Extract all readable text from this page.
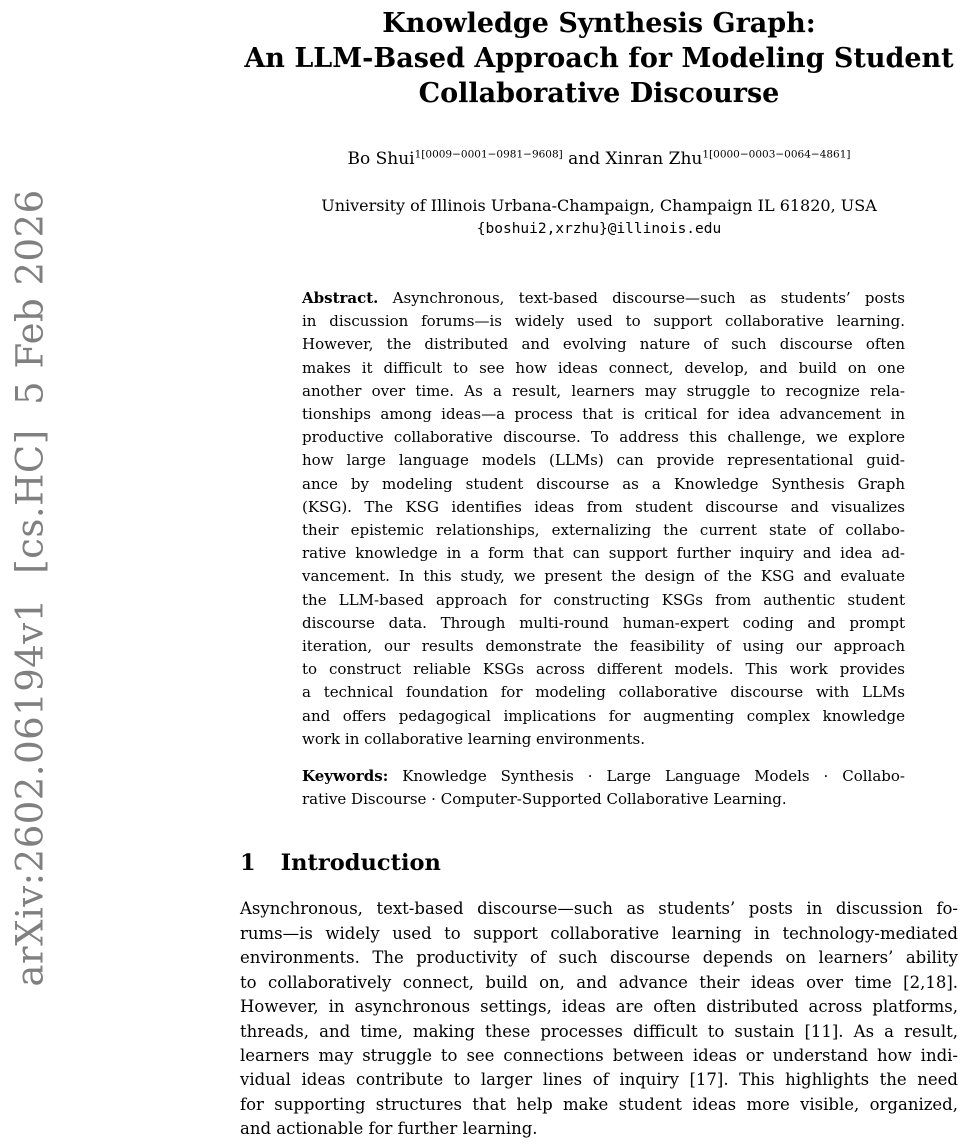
arXiv:2602.06194v1  [cs.HC]  5 Feb 2026
Knowledge Synthesis Graph:
An LLM-Based Approach for Modeling Student
Collaborative Discourse
Bo Shui$^{1[0009-0001-0981-9608]}$ and Xinran Zhu$^{1[0000-0003-0064-4861]}$
University of Illinois Urbana-Champaign, Champaign IL 61820, USA
{boshui2,xrzhu}@illinois.edu
Abstract. Asynchronous, text-based discourse—such as students’ posts
in discussion forums—is widely used to support collaborative learning.
However, the distributed and evolving nature of such discourse often
makes it difficult to see how ideas connect, develop, and build on one
another over time. As a result, learners may struggle to recognize rela-
tionships among ideas—a process that is critical for idea advancement in
productive collaborative discourse. To address this challenge, we explore
how large language models (LLMs) can provide representational guid-
ance by modeling student discourse as a Knowledge Synthesis Graph
(KSG). The KSG identifies ideas from student discourse and visualizes
their epistemic relationships, externalizing the current state of collabo-
rative knowledge in a form that can support further inquiry and idea ad-
vancement. In this study, we present the design of the KSG and evaluate
the LLM-based approach for constructing KSGs from authentic student
discourse data. Through multi-round human-expert coding and prompt
iteration, our results demonstrate the feasibility of using our approach
to construct reliable KSGs across different models. This work provides
a technical foundation for modeling collaborative discourse with LLMs
and offers pedagogical implications for augmenting complex knowledge
work in collaborative learning environments.
Keywords: Knowledge Synthesis · Large Language Models · Collabo-
rative Discourse · Computer-Supported Collaborative Learning.
1 Introduction
Asynchronous, text-based discourse—such as students’ posts in discussion fo-
rums—is widely used to support collaborative learning in technology-mediated
environments. The productivity of such discourse depends on learners’ ability
to collaboratively connect, build on, and advance their ideas over time [2,18].
However, in asynchronous settings, ideas are often distributed across platforms,
threads, and time, making these processes difficult to sustain [11]. As a result,
learners may struggle to see connections between ideas or understand how indi-
vidual ideas contribute to larger lines of inquiry [17]. This highlights the need
for supporting structures that help make student ideas more visible, organized,
and actionable for further learning.
